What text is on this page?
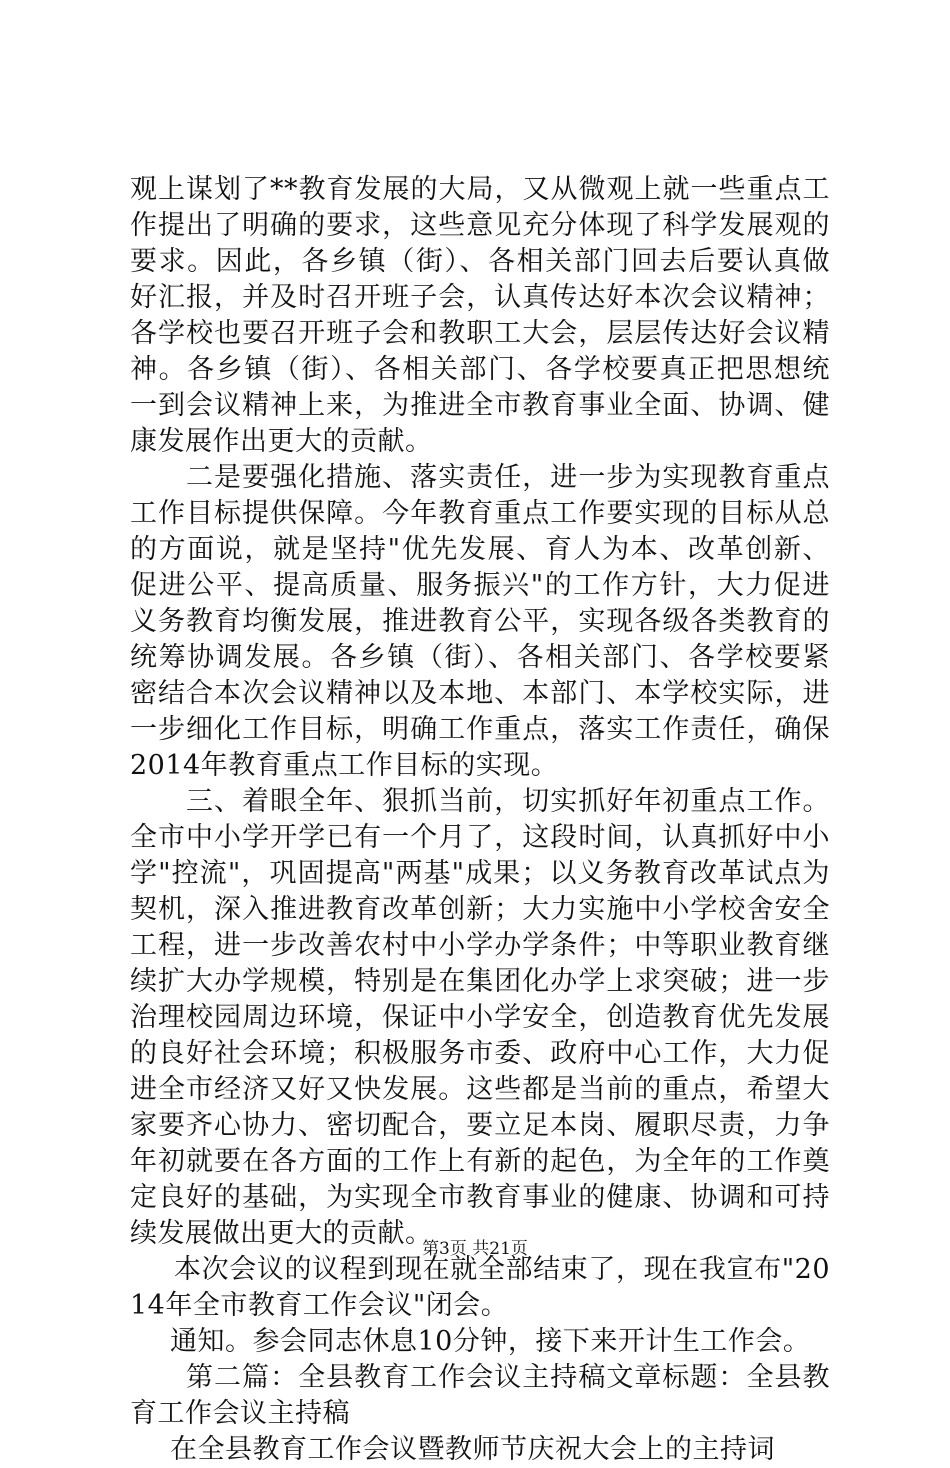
观上谋划了**教育发展的大局，又从微观上就一些重点工作提出了明确的要求，这些意见充分体现了科学发展观的要求。因此，各乡镇（街）、各相关部门回去后要认真做好汇报，并及时召开班子会，认真传达好本次会议精神；各学校也要召开班子会和教职工大会，层层传达好会议精神。各乡镇（街）、各相关部门、各学校要真正把思想统一到会议精神上来，为推进全市教育事业全面、协调、健康发展作出更大的贡献。

二是要强化措施、落实责任，进一步为实现教育重点工作目标提供保障。今年教育重点工作要实现的目标从总的方面说，就是坚持"优先发展、育人为本、改革创新、促进公平、提高质量、服务振兴"的工作方针，大力促进义务教育均衡发展，推进教育公平，实现各级各类教育的统筹协调发展。各乡镇（街）、各相关部门、各学校要紧密结合本次会议精神以及本地、本部门、本学校实际，进一步细化工作目标，明确工作重点，落实工作责任，确保2014年教育重点工作目标的实现。

三、着眼全年、狠抓当前，切实抓好年初重点工作。全市中小学开学已有一个月了，这段时间，认真抓好中小学"控流"，巩固提高"两基"成果；以义务教育改革试点为契机，深入推进教育改革创新；大力实施中小学校舍安全工程，进一步改善农村中小学办学条件；中等职业教育继续扩大办学规模，特别是在集团化办学上求突破；进一步治理校园周边环境，保证中小学安全，创造教育优先发展的良好社会环境；积极服务市委、政府中心工作，大力促进全市经济又好又快发展。这些都是当前的重点，希望大家要齐心协力、密切配合，要立足本岗、履职尽责，力争年初就要在各方面的工作上有新的起色，为全年的工作奠定良好的基础，为实现全市教育事业的健康、协调和可持续发展做出更大的贡献。

本次会议的议程到现在就全部结束了，现在我宣布"2014年全市教育工作会议"闭会。

通知。参会同志休息10分钟，接下来开计生工作会。

第二篇：全县教育工作会议主持稿文章标题：全县教育工作会议主持稿

在全县教育工作会议暨教师节庆祝大会上的主持词

第3页 共21页
